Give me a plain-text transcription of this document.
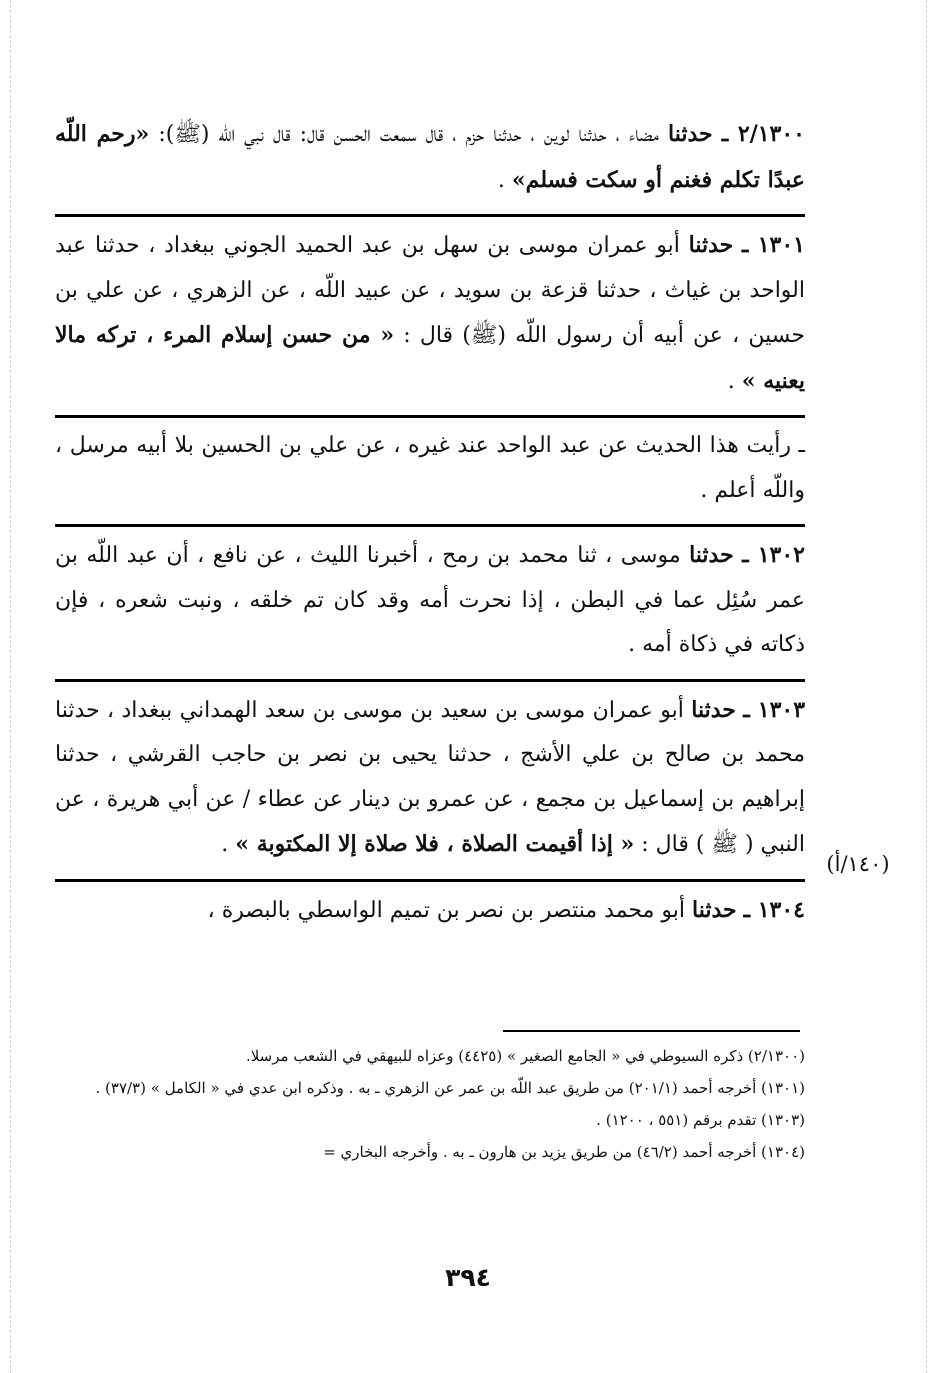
٢/١٣٠٠ ـ حدثنا مضاء ، حدثنا لوين ، حدثنا حزم ، قال سمعت الحسن قال: قال نبي اللّه (ﷺ): «رحم اللّه عبدًا تكلم فغنم أو سكت فسلم» .

١٣٠١ ـ حدثنا أبو عمران موسى بن سهل بن عبد الحميد الجوني ببغداد ، حدثنا عبد الواحد بن غياث ، حدثنا قزعة بن سويد ، عن عبيد اللّه ، عن الزهري ، عن علي بن حسين ، عن أبيه أن رسول اللّه (ﷺ) قال : « من حسن إسلام المرء ، تركه مالا يعنيه » .

ـ رأيت هذا الحديث عن عبد الواحد عند غيره ، عن علي بن الحسين بلا أبيه مرسل ، واللّه أعلم .

١٣٠٢ ـ حدثنا موسى ، ثنا محمد بن رمح ، أخبرنا الليث ، عن نافع ، أن عبد اللّه بن عمر سُئِل عما في البطن ، إذا نحرت أمه وقد كان تم خلقه ، ونبت شعره ، فإن ذكاته في ذكاة أمه .

١٣٠٣ ـ حدثنا أبو عمران موسى بن سعيد بن موسى بن سعد الهمداني ببغداد ، حدثنا محمد بن صالح بن علي الأشج ، حدثنا يحيى بن نصر بن حاجب القرشي ، حدثنا إبراهيم بن إسماعيل بن مجمع ، عن عمرو بن دينار عن عطاء / عن أبي هريرة ، عن النبي ( ﷺ ) قال : « إذا أقيمت الصلاة ، فلا صلاة إلا المكتوبة » .

١٣٠٤ ـ حدثنا أبو محمد منتصر بن نصر بن تميم الواسطي بالبصرة ،

(١٤٠/أ)

(٢/١٣٠٠) ذكره السيوطي في « الجامع الصغير » (٤٤٢٥) وعزاه للبيهقي في الشعب مرسلا.

(١٣٠١) أخرجه أحمد (٢٠١/١) من طريق عبد اللّه بن عمر عن الزهري ـ به . وذكره ابن عدي في « الكامل » (٣٧/٣) .

(١٣٠٣) تقدم برقم (٥٥١ ، ١٢٠٠) .

(١٣٠٤) أخرجه أحمد (٤٦/٢) من طريق يزيد بن هارون ـ به . وأخرجه البخاري =

٣٩٤
